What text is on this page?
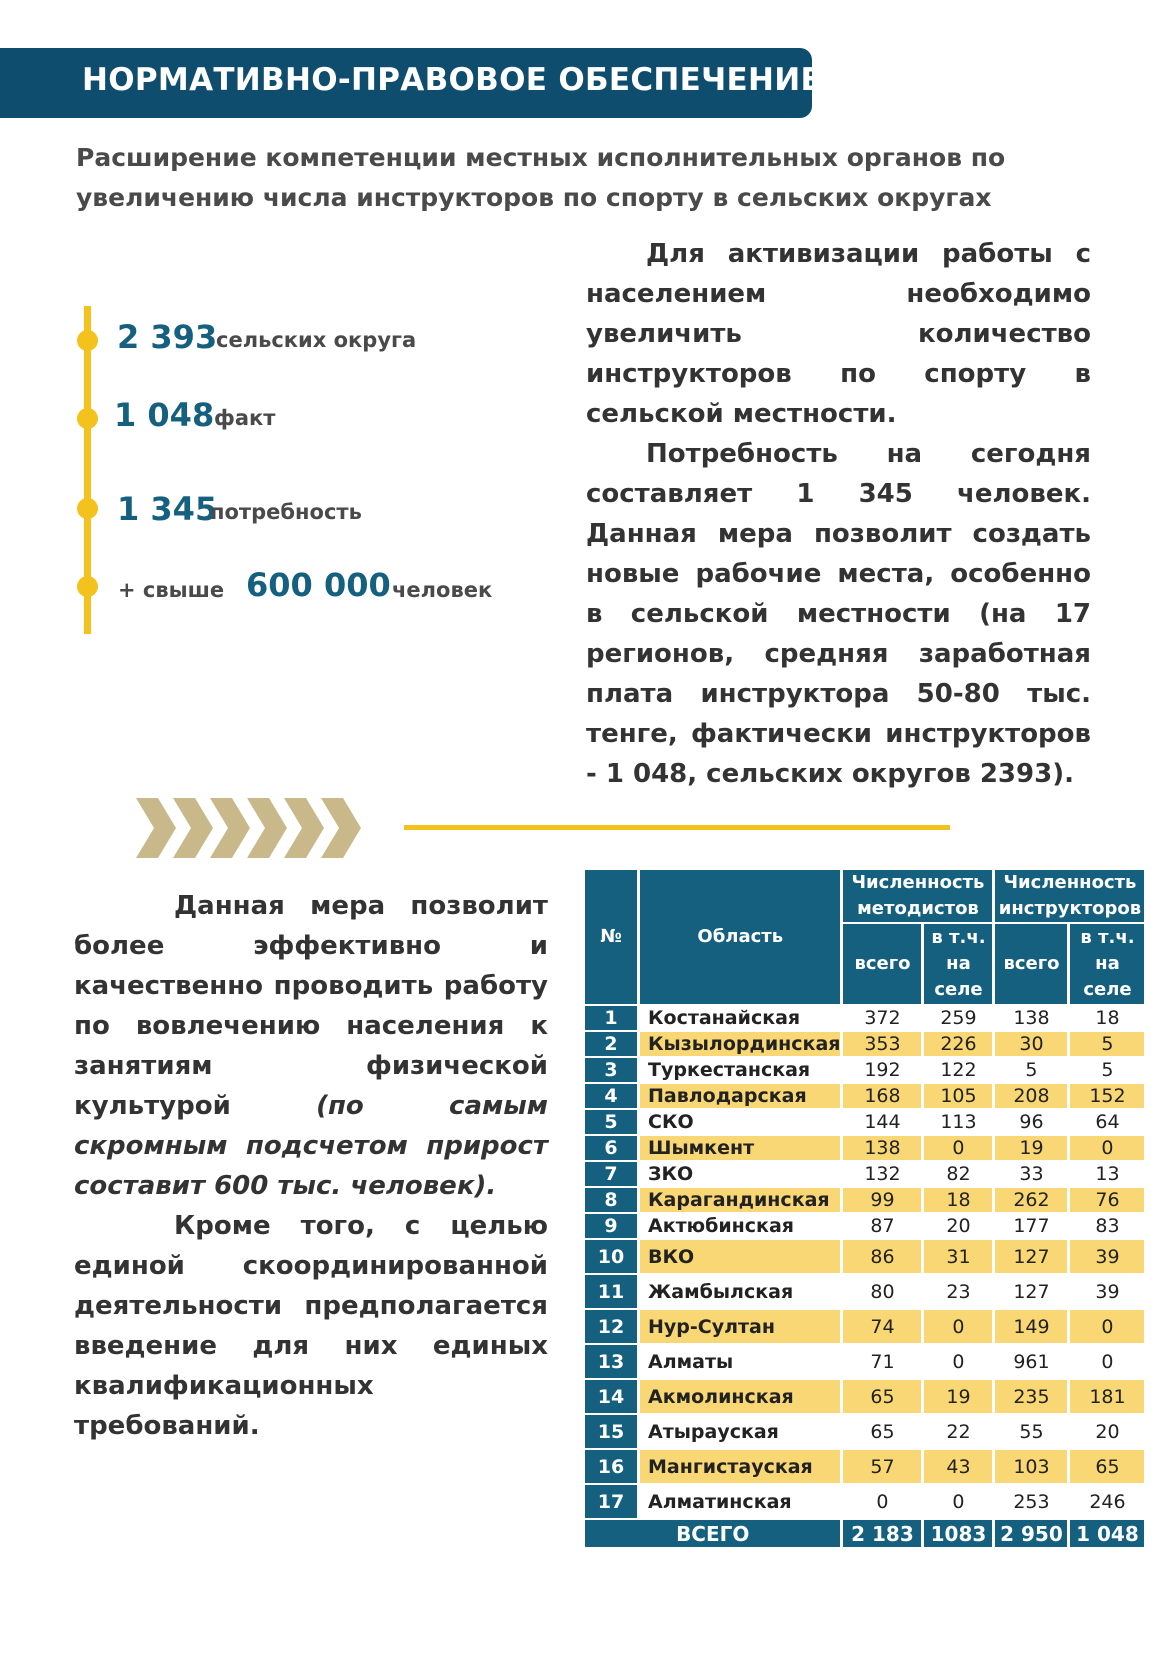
НОРМАТИВНО-ПРАВОВОЕ ОБЕСПЕЧЕНИЕ
Расширение компетенции местных исполнительных органов по
увеличению числа инструкторов по спорту в сельских округах
2 393
сельских округа
1 048 факт
1 345
потребность
+ свыше 600 000 человек

Для активизации работы с населением необходимо увеличить количество инструкторов по спорту в сельской местности.

Потребность на сегодня составляет 1 345 человек. Данная мера позволит создать новые рабочие места, особенно в сельской местности (на 17 регионов, средняя заработная плата инструктора 50-80 тыс. тенге, фактически инструкторов - 1 048, сельских округов 2393).

Данная мера позволит более эффективно и качественно проводить работу по вовлечению населения к занятиям физической культурой (по самым скромным подсчетом прирост составит 600 тыс. человек).

Кроме того, с целью единой скоординированной деятельности предполагается введение для них единых квалификационных требований.

№	Область	Численность методистов		Численность инструкторов	
		всего	в т.ч. на селе	всего	в т.ч. на селе
1	Костанайская	372	259	138	18
2	Кызылординская	353	226	30	5
3	Туркестанская	192	122	5	5
4	Павлодарская	168	105	208	152
5	СКО	144	113	96	64
6	Шымкент	138	0	19	0
7	ЗКО	132	82	33	13
8	Карагандинская	99	18	262	76
9	Актюбинская	87	20	177	83
10	ВКО	86	31	127	39
11	Жамбылская	80	23	127	39
12	Нур-Султан	74	0	149	0
13	Алматы	71	0	961	0
14	Акмолинская	65	19	235	181
15	Атырауская	65	22	55	20
16	Мангистауская	57	43	103	65
17	Алматинская	0	0	253	246
ВСЕГО		2 183	1083	2 950	1 048
